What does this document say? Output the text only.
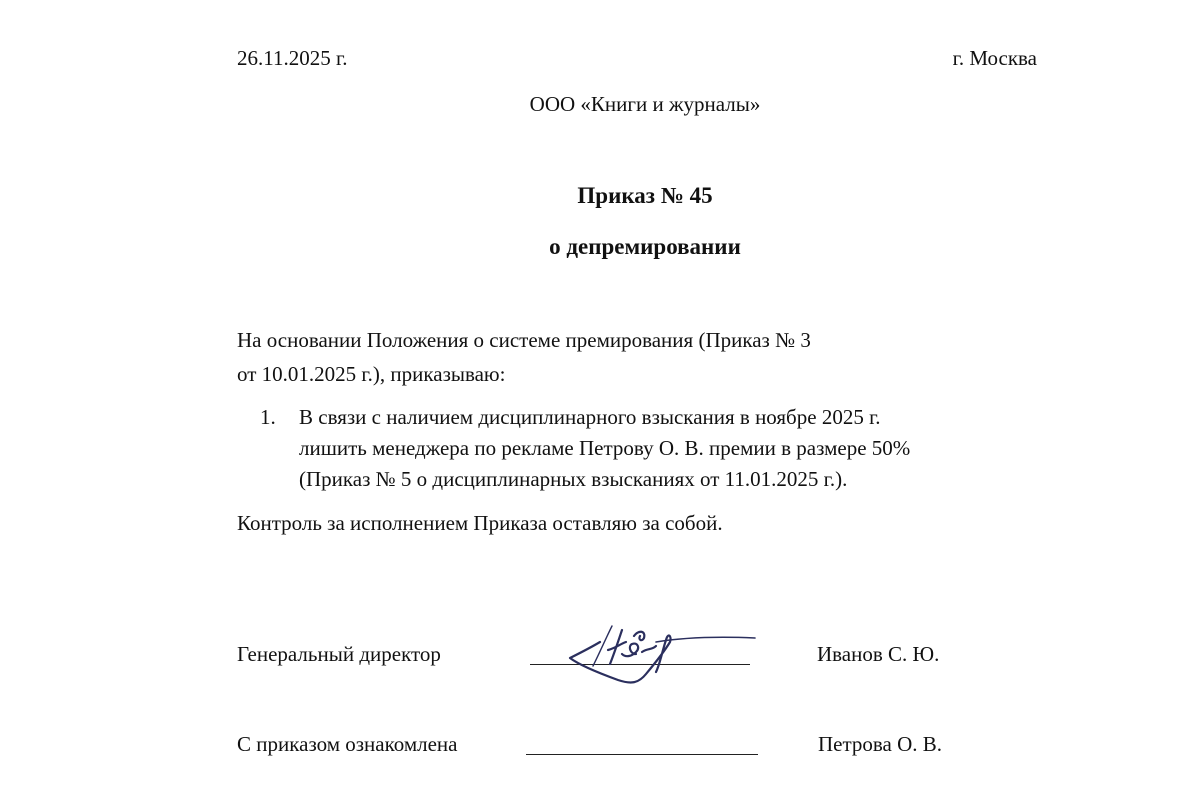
26.11.2025 г.	г. Москва
ООО «Книги и журналы»
Приказ № 45
о депремировании
На основании Положения о системе премирования (Приказ № 3
от 10.01.2025 г.), приказываю:
1. В связи с наличием дисциплинарного взыскания в ноябре 2025 г.
лишить менеджера по рекламе Петрову О. В. премии в размере 50%
(Приказ № 5 о дисциплинарных взысканиях от 11.01.2025 г.).
Контроль за исполнением Приказа оставляю за собой.
Генеральный директор	Иванов С. Ю.
С приказом ознакомлена	Петрова О. В.
